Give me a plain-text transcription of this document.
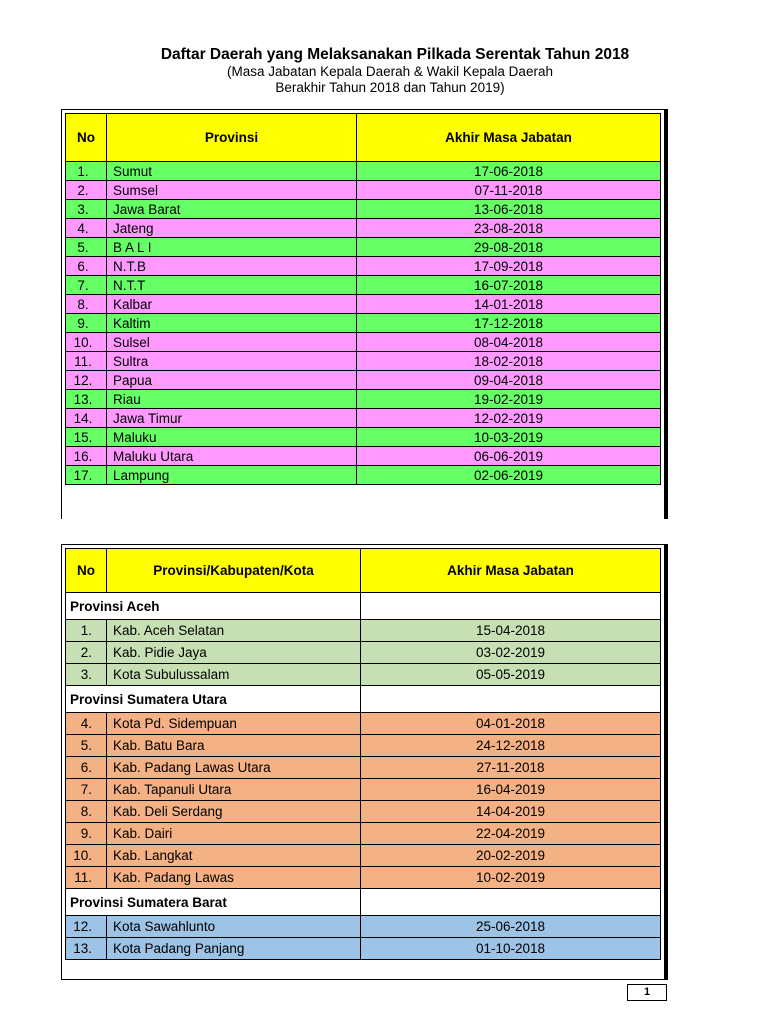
Daftar Daerah yang Melaksanakan Pilkada Serentak Tahun 2018
(Masa Jabatan Kepala Daerah & Wakil Kepala Daerah
Berakhir Tahun 2018 dan Tahun 2019)
No	Provinsi	Akhir Masa Jabatan
1.	Sumut	17-06-2018
2.	Sumsel	07-11-2018
3.	Jawa Barat	13-06-2018
4.	Jateng	23-08-2018
5.	B A L I	29-08-2018
6.	N.T.B	17-09-2018
7.	N.T.T	16-07-2018
8.	Kalbar	14-01-2018
9.	Kaltim	17-12-2018
10.	Sulsel	08-04-2018
11.	Sultra	18-02-2018
12.	Papua	09-04-2018
13.	Riau	19-02-2019
14.	Jawa Timur	12-02-2019
15.	Maluku	10-03-2019
16.	Maluku Utara	06-06-2019
17.	Lampung	02-06-2019
No	Provinsi/Kabupaten/Kota	Akhir Masa Jabatan
Provinsi Aceh		
1.	Kab. Aceh Selatan	15-04-2018
2.	Kab. Pidie Jaya	03-02-2019
3.	Kota Subulussalam	05-05-2019
Provinsi Sumatera Utara		
4.	Kota Pd. Sidempuan	04-01-2018
5.	Kab. Batu Bara	24-12-2018
6.	Kab. Padang Lawas Utara	27-11-2018
7.	Kab. Tapanuli Utara	16-04-2019
8.	Kab. Deli Serdang	14-04-2019
9.	Kab. Dairi	22-04-2019
10.	Kab. Langkat	20-02-2019
11.	Kab. Padang Lawas	10-02-2019
Provinsi Sumatera Barat		
12.	Kota Sawahlunto	25-06-2018
13.	Kota Padang Panjang	01-10-2018
1
